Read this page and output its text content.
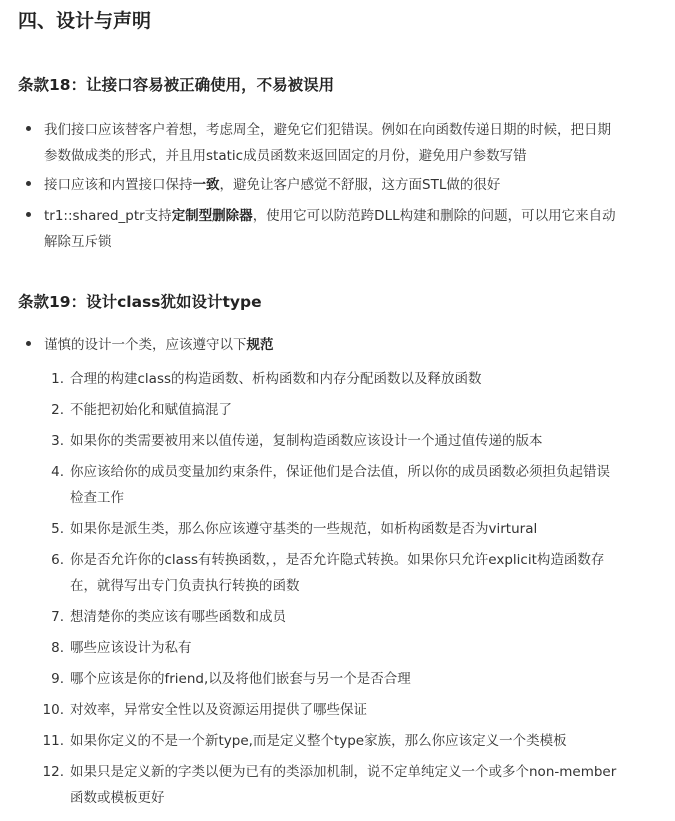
四、设计与声明
条款18：让接口容易被正确使用，不易被误用
我们接口应该替客户着想，考虑周全，避免它们犯错误。例如在向函数传递日期的时候，把日期
参数做成类的形式，并且用static成员函数来返回固定的月份，避免用户参数写错
接口应该和内置接口保持一致，避免让客户感觉不舒服，这方面STL做的很好
tr1::shared_ptr支持定制型删除器，使用它可以防范跨DLL构建和删除的问题，可以用它来自动
解除互斥锁
条款19：设计class犹如设计type
谨慎的设计一个类，应该遵守以下规范
1. 合理的构建class的构造函数、析构函数和内存分配函数以及释放函数
2. 不能把初始化和赋值搞混了
3. 如果你的类需要被用来以值传递，复制构造函数应该设计一个通过值传递的版本
4. 你应该给你的成员变量加约束条件，保证他们是合法值，所以你的成员函数必须担负起错误
检查工作
5. 如果你是派生类，那么你应该遵守基类的一些规范，如析构函数是否为virtural
6. 你是否允许你的class有转换函数，，是否允许隐式转换。如果你只允许explicit构造函数存
在，就得写出专门负责执行转换的函数
7. 想清楚你的类应该有哪些函数和成员
8. 哪些应该设计为私有
9. 哪个应该是你的friend,以及将他们嵌套与另一个是否合理
10. 对效率，异常安全性以及资源运用提供了哪些保证
11. 如果你定义的不是一个新type,而是定义整个type家族，那么你应该定义一个类模板
12. 如果只是定义新的字类以便为已有的类添加机制，说不定单纯定义一个或多个non-member
函数或模板更好
